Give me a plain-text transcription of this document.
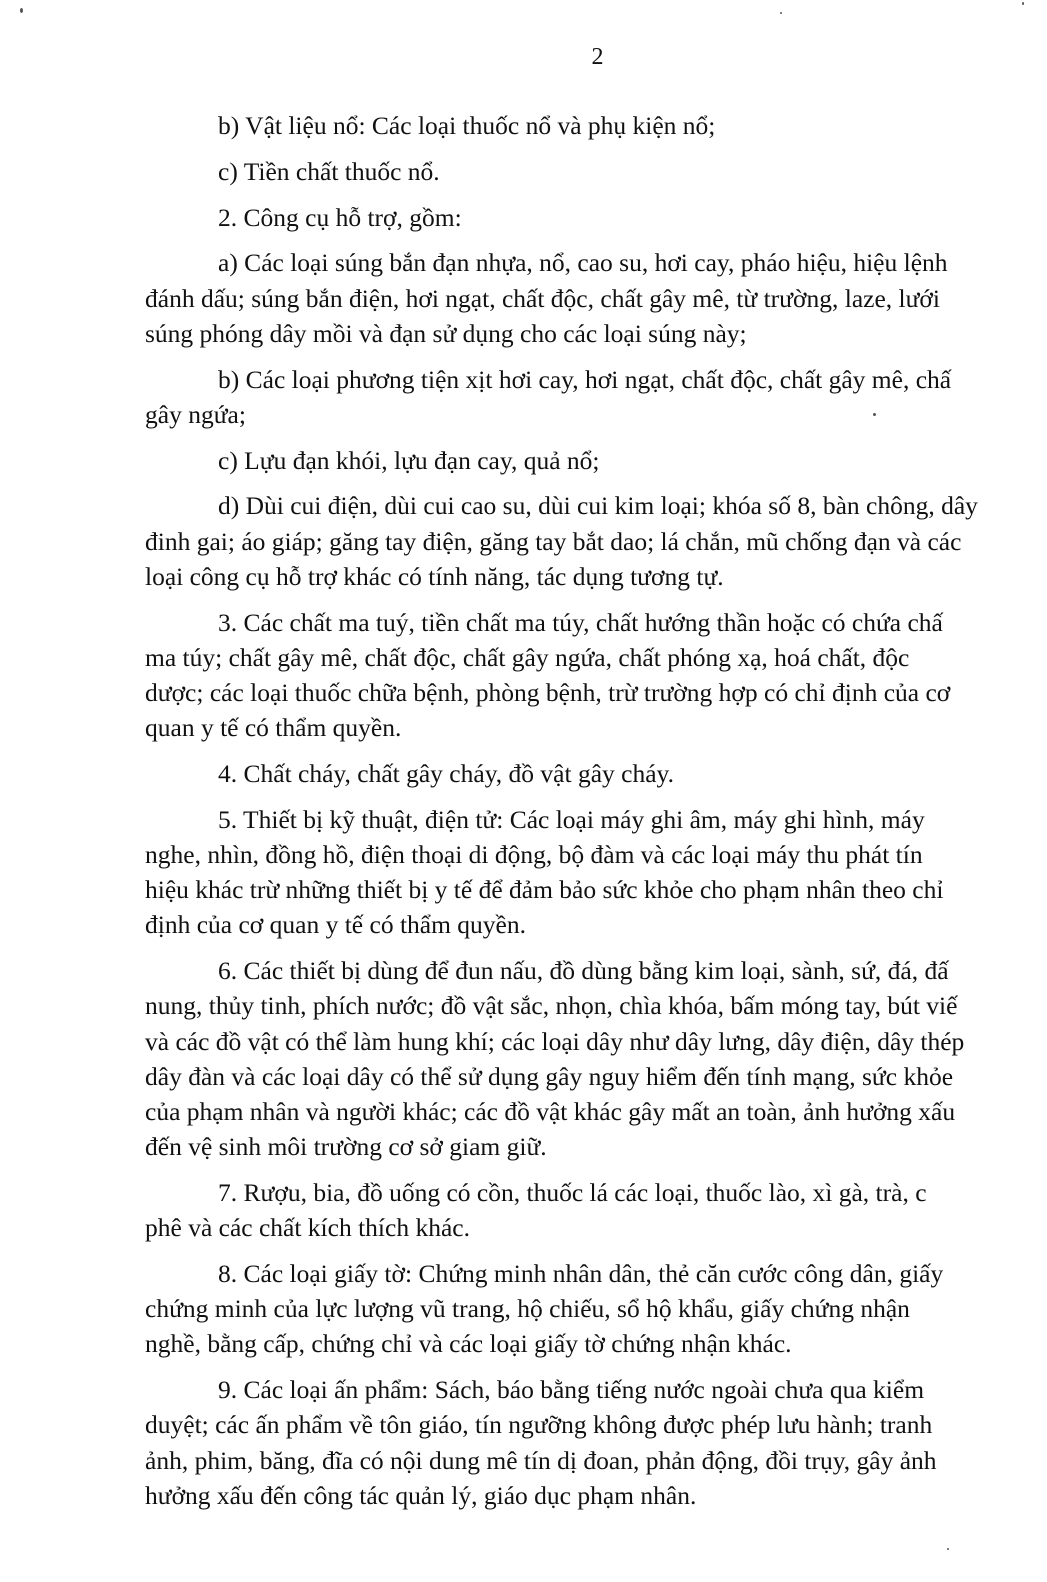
2
b) Vật liệu nổ: Các loại thuốc nổ và phụ kiện nổ;
c) Tiền chất thuốc nổ.
2. Công cụ hỗ trợ, gồm:
a) Các loại súng bắn đạn nhựa, nổ, cao su, hơi cay, pháo hiệu, hiệu lệnh
đánh dấu; súng bắn điện, hơi ngạt, chất độc, chất gây mê, từ trường, laze, lưới
súng phóng dây mồi và đạn sử dụng cho các loại súng này;
b) Các loại phương tiện xịt hơi cay, hơi ngạt, chất độc, chất gây mê, chấ
gây ngứa;
c) Lựu đạn khói, lựu đạn cay, quả nổ;
d) Dùi cui điện, dùi cui cao su, dùi cui kim loại; khóa số 8, bàn chông, dây
đinh gai; áo giáp; găng tay điện, găng tay bắt dao; lá chắn, mũ chống đạn và các
loại công cụ hỗ trợ khác có tính năng, tác dụng tương tự.
3. Các chất ma tuý, tiền chất ma túy, chất hướng thần hoặc có chứa chấ
ma túy; chất gây mê, chất độc, chất gây ngứa, chất phóng xạ, hoá chất, độc
dược; các loại thuốc chữa bệnh, phòng bệnh, trừ trường hợp có chỉ định của cơ
quan y tế có thẩm quyền.
4. Chất cháy, chất gây cháy, đồ vật gây cháy.
5. Thiết bị kỹ thuật, điện tử: Các loại máy ghi âm, máy ghi hình, máy
nghe, nhìn, đồng hồ, điện thoại di động, bộ đàm và các loại máy thu phát tín
hiệu khác trừ những thiết bị y tế để đảm bảo sức khỏe cho phạm nhân theo chỉ
định của cơ quan y tế có thẩm quyền.
6. Các thiết bị dùng để đun nấu, đồ dùng bằng kim loại, sành, sứ, đá, đấ
nung, thủy tinh, phích nước; đồ vật sắc, nhọn, chìa khóa, bấm móng tay, bút viế
và các đồ vật có thể làm hung khí; các loại dây như dây lưng, dây điện, dây thép
dây đàn và các loại dây có thể sử dụng gây nguy hiểm đến tính mạng, sức khỏe
của phạm nhân và người khác; các đồ vật khác gây mất an toàn, ảnh hưởng xấu
đến vệ sinh môi trường cơ sở giam giữ.
7. Rượu, bia, đồ uống có cồn, thuốc lá các loại, thuốc lào, xì gà, trà, c
phê và các chất kích thích khác.
8. Các loại giấy tờ: Chứng minh nhân dân, thẻ căn cước công dân, giấy
chứng minh của lực lượng vũ trang, hộ chiếu, sổ hộ khẩu, giấy chứng nhận
nghề, bằng cấp, chứng chỉ và các loại giấy tờ chứng nhận khác.
9. Các loại ấn phẩm: Sách, báo bằng tiếng nước ngoài chưa qua kiểm
duyệt; các ấn phẩm về tôn giáo, tín ngưỡng không được phép lưu hành; tranh
ảnh, phim, băng, đĩa có nội dung mê tín dị đoan, phản động, đồi trụy, gây ảnh
hưởng xấu đến công tác quản lý, giáo dục phạm nhân.
